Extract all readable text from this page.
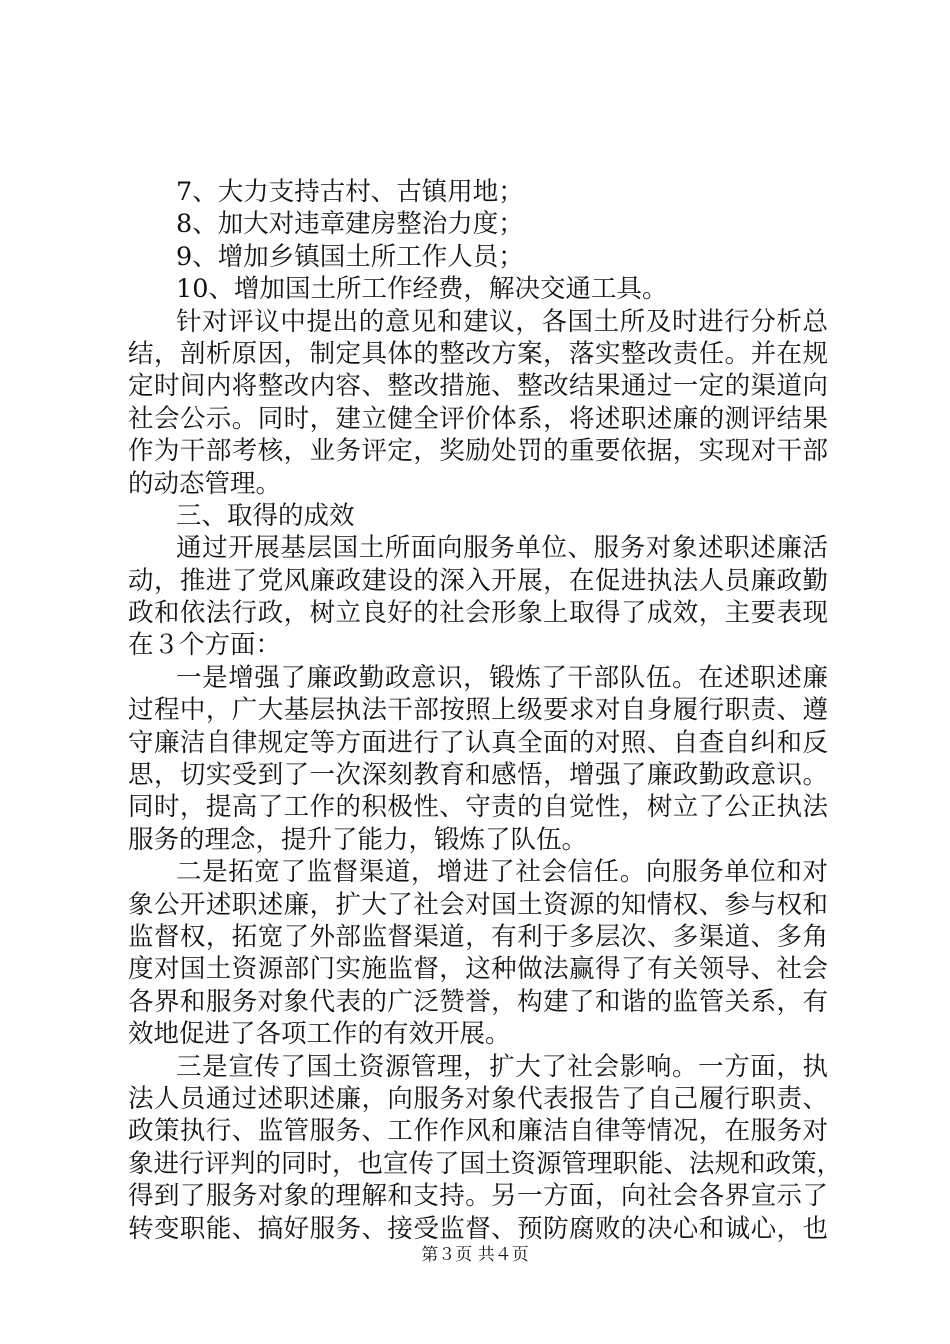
7、大力支持古村、古镇用地；
8、加大对违章建房整治力度；
9、增加乡镇国土所工作人员；
10、增加国土所工作经费，解决交通工具。
针对评议中提出的意见和建议，各国土所及时进行分析总
结，剖析原因，制定具体的整改方案，落实整改责任。并在规
定时间内将整改内容、整改措施、整改结果通过一定的渠道向
社会公示。同时，建立健全评价体系，将述职述廉的测评结果
作为干部考核，业务评定，奖励处罚的重要依据，实现对干部
的动态管理。
三、取得的成效
通过开展基层国土所面向服务单位、服务对象述职述廉活
动，推进了党风廉政建设的深入开展，在促进执法人员廉政勤
政和依法行政，树立良好的社会形象上取得了成效，主要表现
在３个方面：
一是增强了廉政勤政意识，锻炼了干部队伍。在述职述廉
过程中，广大基层执法干部按照上级要求对自身履行职责、遵
守廉洁自律规定等方面进行了认真全面的对照、自查自纠和反
思，切实受到了一次深刻教育和感悟，增强了廉政勤政意识。
同时，提高了工作的积极性、守责的自觉性，树立了公正执法
服务的理念，提升了能力，锻炼了队伍。
二是拓宽了监督渠道，增进了社会信任。向服务单位和对
象公开述职述廉，扩大了社会对国土资源的知情权、参与权和
监督权，拓宽了外部监督渠道，有利于多层次、多渠道、多角
度对国土资源部门实施监督，这种做法赢得了有关领导、社会
各界和服务对象代表的广泛赞誉，构建了和谐的监管关系，有
效地促进了各项工作的有效开展。
三是宣传了国土资源管理，扩大了社会影响。一方面，执
法人员通过述职述廉，向服务对象代表报告了自己履行职责、
政策执行、监管服务、工作作风和廉洁自律等情况，在服务对
象进行评判的同时，也宣传了国土资源管理职能、法规和政策，
得到了服务对象的理解和支持。另一方面，向社会各界宣示了
转变职能、搞好服务、接受监督、预防腐败的决心和诚心，也
第３页 共４页
